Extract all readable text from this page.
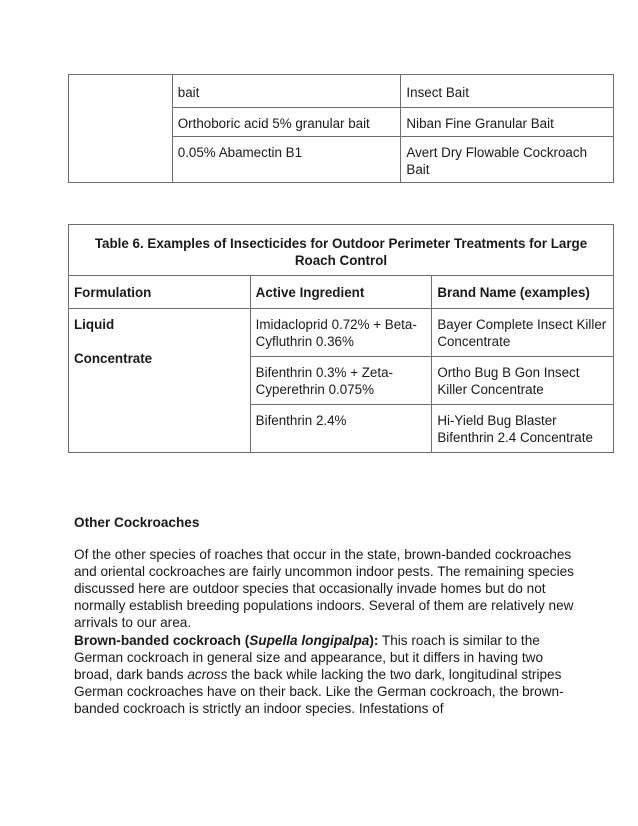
	bait	Insect Bait
	Orthoboric acid 5% granular bait	Niban Fine Granular Bait
	0.05% Abamectin B1	Avert Dry Flowable Cockroach Bait
Table 6. Examples of Insecticides for Outdoor Perimeter Treatments for Large Roach Control		
Formulation	Active Ingredient	Brand Name (examples)

Liquid
Concentrate	Imidacloprid 0.72% + Beta-Cyfluthrin 0.36%	Bayer Complete Insect Killer Concentrate
	Bifenthrin 0.3% + Zeta-Cyperethrin 0.075%	Ortho Bug B Gon Insect Killer Concentrate
	Bifenthrin 2.4%	Hi-Yield Bug Blaster Bifenthrin 2.4 Concentrate

Other Cockroaches

Of the other species of roaches that occur in the state, brown-banded cockroaches and oriental cockroaches are fairly uncommon indoor pests. The remaining species discussed here are outdoor species that occasionally invade homes but do not normally establish breeding populations indoors. Several of them are relatively new arrivals to our area.

Brown-banded cockroach (Supella longipalpa): This roach is similar to the German cockroach in general size and appearance, but it differs in having two broad, dark bands across the back while lacking the two dark, longitudinal stripes German cockroaches have on their back. Like the German cockroach, the brown-banded cockroach is strictly an indoor species. Infestations of
